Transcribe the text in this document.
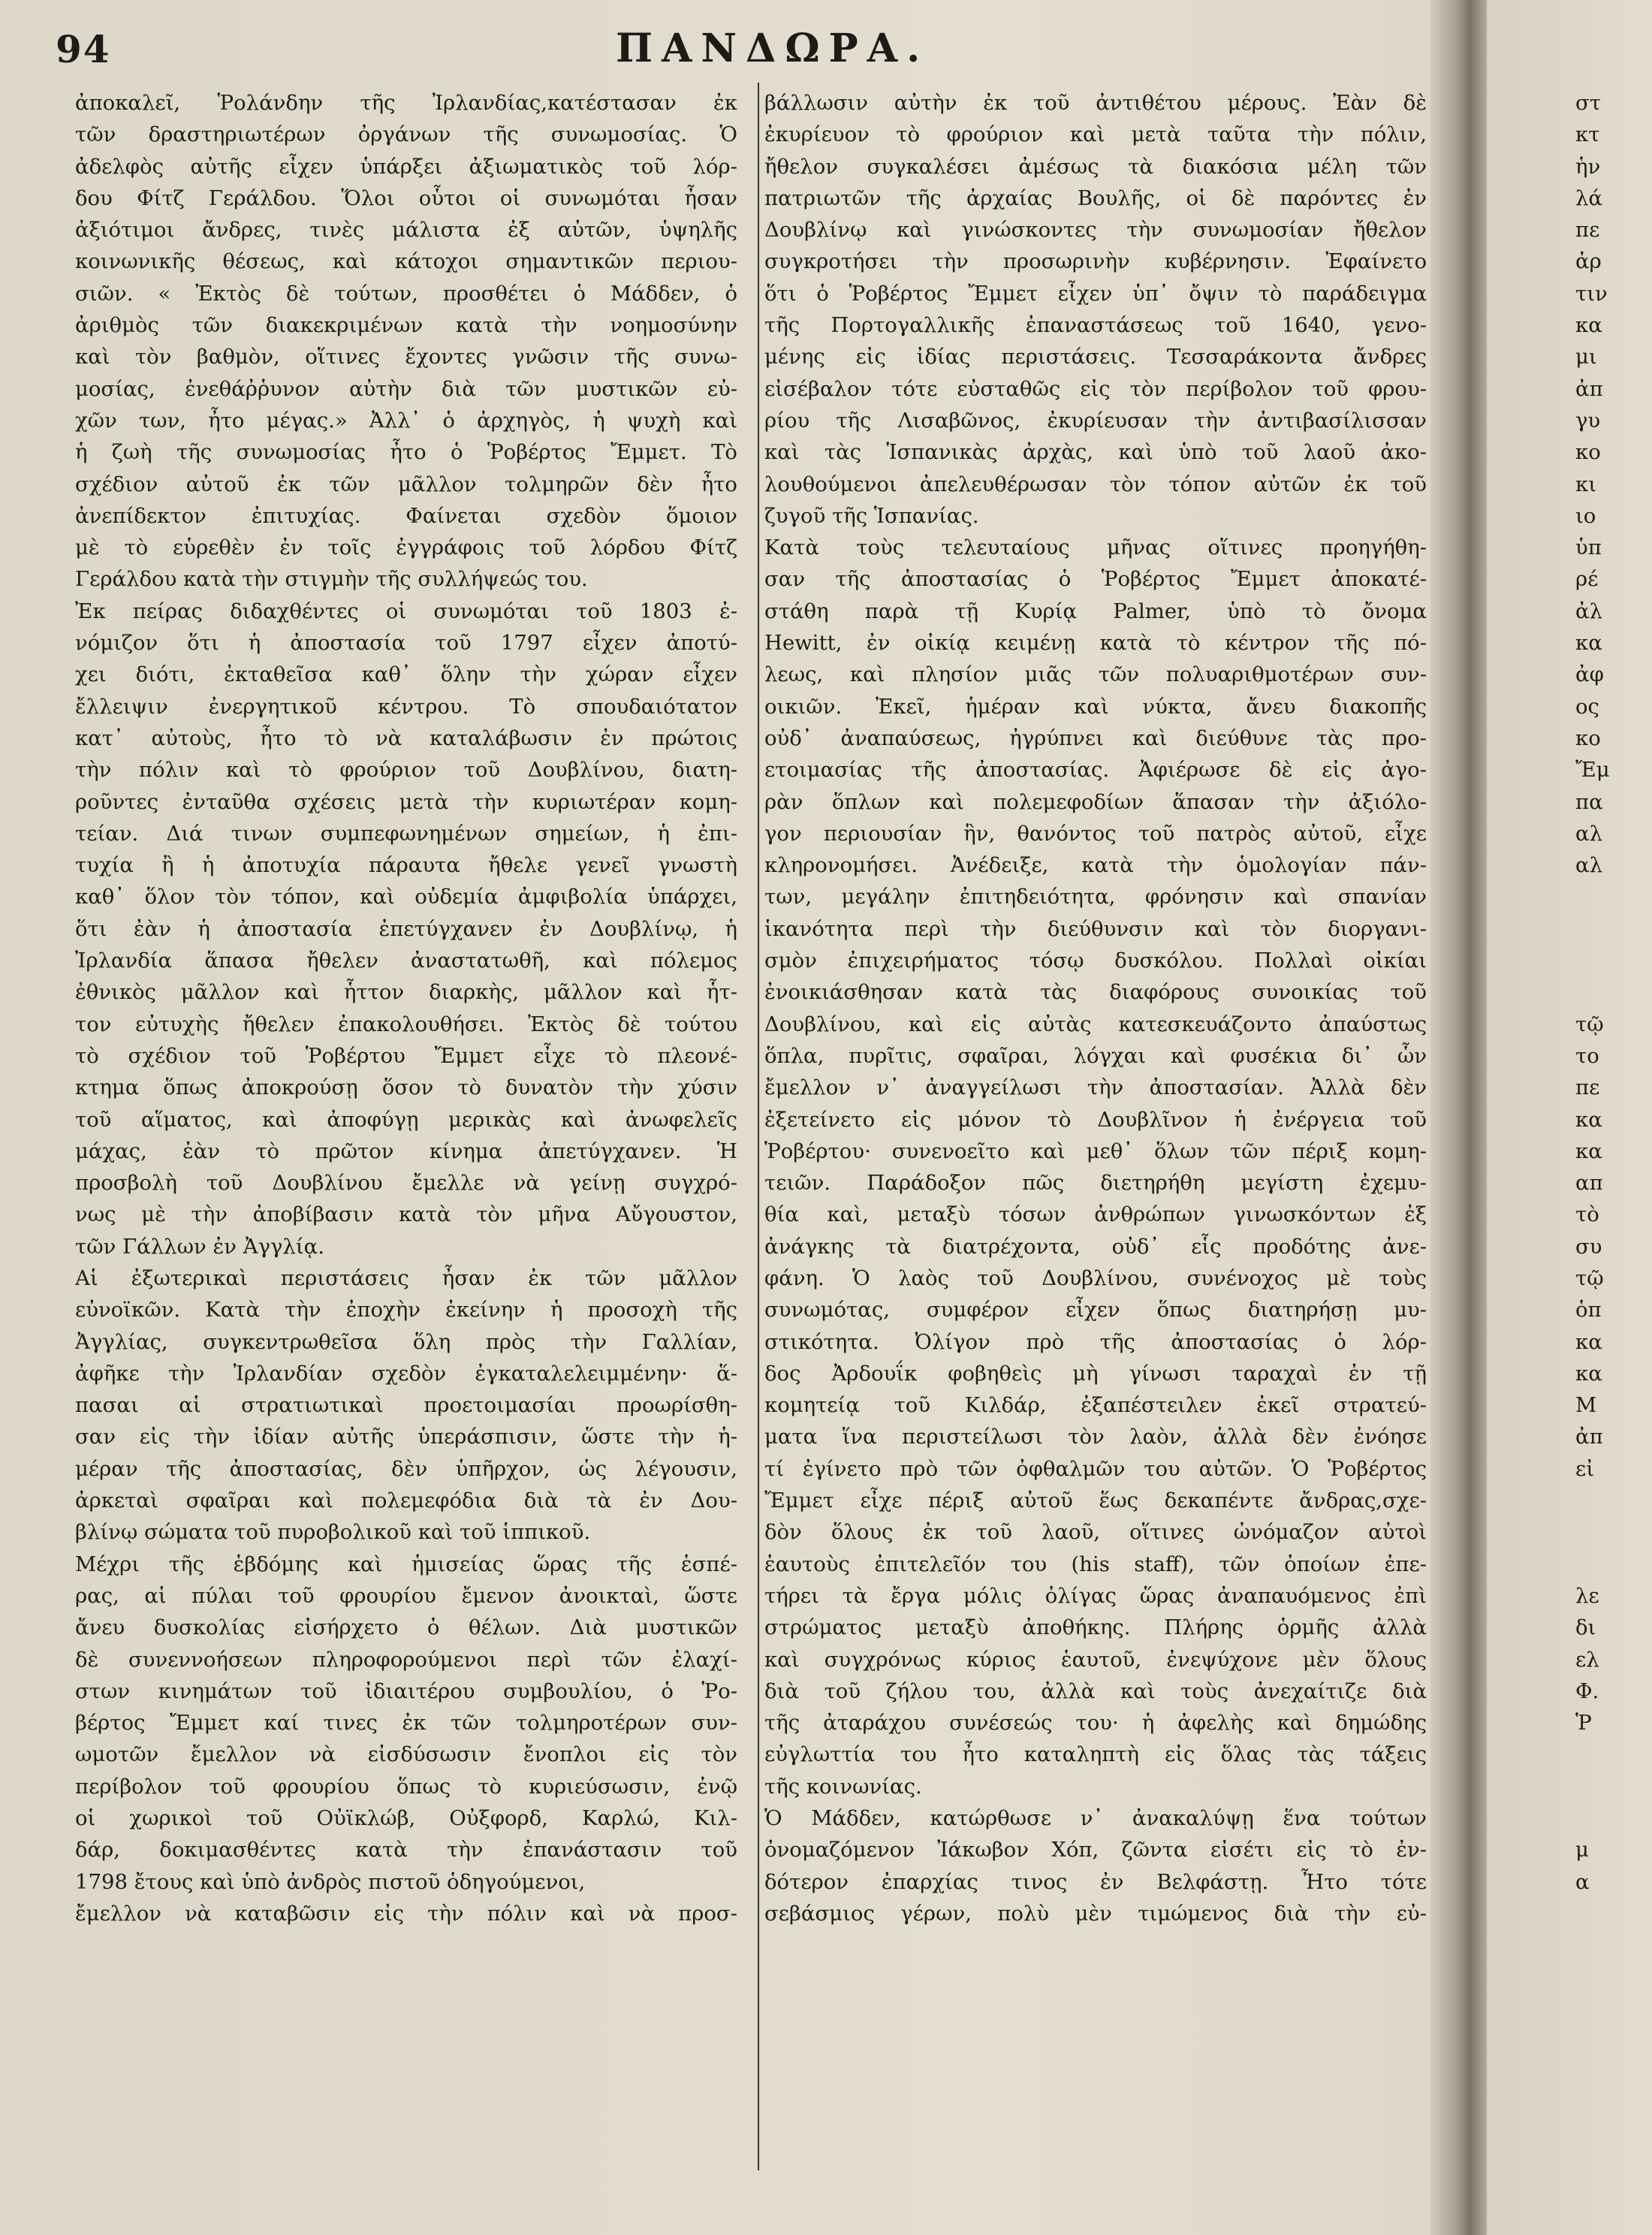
94	ΠΑΝΔΩΡΑ.
ἀποκαλεῖ, Ῥολάνδην τῆς Ἰρλανδίας,κατέστασαν ἐκ
τῶν δραστηριωτέρων ὀργάνων τῆς συνωμοσίας. Ὁ
ἀδελφὸς αὐτῆς εἶχεν ὑπάρξει ἀξιωματικὸς τοῦ λόρ-
δου Φίτζ Γεράλδου. Ὅλοι οὗτοι οἱ συνωμόται ἦσαν
ἀξιότιμοι ἄνδρες, τινὲς μάλιστα ἐξ αὐτῶν, ὑψηλῆς
κοινωνικῆς θέσεως, καὶ κάτοχοι σημαντικῶν περιου-
σιῶν. « Ἐκτὸς δὲ τούτων, προσθέτει ὁ Μάδδεν, ὁ
ἀριθμὸς τῶν διακεκριμένων κατὰ τὴν νοημοσύνην
καὶ τὸν βαθμὸν, οἵτινες ἔχοντες γνῶσιν τῆς συνω-
μοσίας, ἐνεθάῤῥυνον αὐτὴν διὰ τῶν μυστικῶν εὐ-
χῶν των, ἦτο μέγας.» Ἀλλ᾽ ὁ ἀρχηγὸς, ἡ ψυχὴ καὶ
ἡ ζωὴ τῆς συνωμοσίας ἦτο ὁ Ῥοβέρτος Ἔμμετ. Τὸ
σχέδιον αὐτοῦ ἐκ τῶν μᾶλλον τολμηρῶν δὲν ἦτο
ἀνεπίδεκτον ἐπιτυχίας. Φαίνεται σχεδὸν ὅμοιον
μὲ τὸ εὑρεθὲν ἐν τοῖς ἐγγράφοις τοῦ λόρδου Φίτζ
Γεράλδου κατὰ τὴν στιγμὴν τῆς συλλήψεώς του.
Ἐκ πείρας διδαχθέντες οἱ συνωμόται τοῦ 1803 ἐ-
νόμιζον ὅτι ἡ ἀποστασία τοῦ 1797 εἶχεν ἀποτύ-
χει διότι, ἐκταθεῖσα καθ᾽ ὅλην τὴν χώραν εἶχεν
ἔλλειψιν ἐνεργητικοῦ κέντρου. Τὸ σπουδαιότατον
κατ᾽ αὐτοὺς, ἦτο τὸ νὰ καταλάβωσιν ἐν πρώτοις
τὴν πόλιν καὶ τὸ φρούριον τοῦ Δουβλίνου, διατη-
ροῦντες ἐνταῦθα σχέσεις μετὰ τὴν κυριωτέραν κομη-
τείαν. Διά τινων συμπεφωνημένων σημείων, ἡ ἐπι-
τυχία ἢ ἡ ἀποτυχία πάραυτα ἤθελε γενεῖ γνωστὴ
καθ᾽ ὅλον τὸν τόπον, καὶ οὐδεμία ἀμφιβολία ὑπάρχει,
ὅτι ἐὰν ἡ ἀποστασία ἐπετύγχανεν ἐν Δουβλίνῳ, ἡ
Ἰρλανδία ἅπασα ἤθελεν ἀναστατωθῆ, καὶ πόλεμος
ἐθνικὸς μᾶλλον καὶ ἧττον διαρκὴς, μᾶλλον καὶ ἧτ-
τον εὐτυχὴς ἤθελεν ἐπακολουθήσει. Ἐκτὸς δὲ τούτου
τὸ σχέδιον τοῦ Ῥοβέρτου Ἔμμετ εἶχε τὸ πλεονέ-
κτημα ὅπως ἀποκρούσῃ ὅσον τὸ δυνατὸν τὴν χύσιν
τοῦ αἵματος, καὶ ἀποφύγῃ μερικὰς καὶ ἀνωφελεῖς
μάχας, ἐὰν τὸ πρῶτον κίνημα ἀπετύγχανεν. Ἡ
προσβολὴ τοῦ Δουβλίνου ἔμελλε νὰ γείνῃ συγχρό-
νως μὲ τὴν ἀποβίβασιν κατὰ τὸν μῆνα Αὔγουστον,
τῶν Γάλλων ἐν Ἀγγλίᾳ.
Αἱ ἐξωτερικαὶ περιστάσεις ἦσαν ἐκ τῶν μᾶλλον
εὐνοϊκῶν. Κατὰ τὴν ἐποχὴν ἐκείνην ἡ προσοχὴ τῆς
Ἀγγλίας, συγκεντρωθεῖσα ὅλη πρὸς τὴν Γαλλίαν,
ἀφῆκε τὴν Ἰρλανδίαν σχεδὸν ἐγκαταλελειμμένην· ἅ-
πασαι αἱ στρατιωτικαὶ προετοιμασίαι προωρίσθη-
σαν εἰς τὴν ἰδίαν αὐτῆς ὑπεράσπισιν, ὥστε τὴν ἡ-
μέραν τῆς ἀποστασίας, δὲν ὑπῆρχον, ὡς λέγουσιν,
ἀρκεταὶ σφαῖραι καὶ πολεμεφόδια διὰ τὰ ἐν Δου-
βλίνῳ σώματα τοῦ πυροβολικοῦ καὶ τοῦ ἱππικοῦ.
Μέχρι τῆς ἑβδόμης καὶ ἡμισείας ὥρας τῆς ἑσπέ-
ρας, αἱ πύλαι τοῦ φρουρίου ἔμενον ἀνοικταὶ, ὥστε
ἄνευ δυσκολίας εἰσήρχετο ὁ θέλων. Διὰ μυστικῶν
δὲ συνεννοήσεων πληροφορούμενοι περὶ τῶν ἐλαχί-
στων κινημάτων τοῦ ἰδιαιτέρου συμβουλίου, ὁ Ῥο-
βέρτος Ἔμμετ καί τινες ἐκ τῶν τολμηροτέρων συν-
ωμοτῶν ἔμελλον νὰ εἰσδύσωσιν ἔνοπλοι εἰς τὸν
περίβολον τοῦ φρουρίου ὅπως τὸ κυριεύσωσιν, ἐνῷ
οἱ χωρικοὶ τοῦ Οὐϊκλώβ, Οὐξφορδ, Καρλώ, Κιλ-
δάρ, δοκιμασθέντες κατὰ τὴν ἐπανάστασιν τοῦ
1798 ἔτους καὶ ὑπὸ ἀνδρὸς πιστοῦ ὁδηγούμενοι,
ἔμελλον νὰ καταβῶσιν εἰς τὴν πόλιν καὶ νὰ προσ-
βάλλωσιν αὐτὴν ἐκ τοῦ ἀντιθέτου μέρους. Ἐὰν δὲ
ἐκυρίευον τὸ φρούριον καὶ μετὰ ταῦτα τὴν πόλιν,
ἤθελον συγκαλέσει ἀμέσως τὰ διακόσια μέλη τῶν
πατριωτῶν τῆς ἀρχαίας Βουλῆς, οἱ δὲ παρόντες ἐν
Δουβλίνῳ καὶ γινώσκοντες τὴν συνωμοσίαν ἤθελον
συγκροτήσει τὴν προσωρινὴν κυβέρνησιν. Ἐφαίνετο
ὅτι ὁ Ῥοβέρτος Ἔμμετ εἶχεν ὑπ᾽ ὄψιν τὸ παράδειγμα
τῆς Πορτογαλλικῆς ἐπαναστάσεως τοῦ 1640, γενο-
μένης εἰς ἰδίας περιστάσεις. Τεσσαράκοντα ἄνδρες
εἰσέβαλον τότε εὐσταθῶς εἰς τὸν περίβολον τοῦ φρου-
ρίου τῆς Λισαβῶνος, ἐκυρίευσαν τὴν ἀντιβασίλισσαν
καὶ τὰς Ἱσπανικὰς ἀρχὰς, καὶ ὑπὸ τοῦ λαοῦ ἀκο-
λουθούμενοι ἀπελευθέρωσαν τὸν τόπον αὐτῶν ἐκ τοῦ
ζυγοῦ τῆς Ἱσπανίας.
Κατὰ τοὺς τελευταίους μῆνας οἵτινες προηγήθη-
σαν τῆς ἀποστασίας ὁ Ῥοβέρτος Ἔμμετ ἀποκατέ-
στάθη παρὰ τῇ Κυρίᾳ Palmer, ὑπὸ τὸ ὄνομα
Hewitt, ἐν οἰκίᾳ κειμένῃ κατὰ τὸ κέντρον τῆς πό-
λεως, καὶ πλησίον μιᾶς τῶν πολυαριθμοτέρων συν-
οικιῶν. Ἐκεῖ, ἡμέραν καὶ νύκτα, ἄνευ διακοπῆς
οὐδ᾽ ἀναπαύσεως, ἠγρύπνει καὶ διεύθυνε τὰς προ-
ετοιμασίας τῆς ἀποστασίας. Ἀφιέρωσε δὲ εἰς ἀγο-
ρὰν ὅπλων καὶ πολεμεφοδίων ἅπασαν τὴν ἀξιόλο-
γον περιουσίαν ἣν, θανόντος τοῦ πατρὸς αὐτοῦ, εἶχε
κληρονομήσει. Ἀνέδειξε, κατὰ τὴν ὁμολογίαν πάν-
των, μεγάλην ἐπιτηδειότητα, φρόνησιν καὶ σπανίαν
ἱκανότητα περὶ τὴν διεύθυνσιν καὶ τὸν διοργανι-
σμὸν ἐπιχειρήματος τόσῳ δυσκόλου. Πολλαὶ οἰκίαι
ἐνοικιάσθησαν κατὰ τὰς διαφόρους συνοικίας τοῦ
Δουβλίνου, καὶ εἰς αὐτὰς κατεσκευάζοντο ἀπαύστως
ὅπλα, πυρῖτις, σφαῖραι, λόγχαι καὶ φυσέκια δι᾽ ὧν
ἔμελλον ν᾽ ἀναγγείλωσι τὴν ἀποστασίαν. Ἀλλὰ δὲν
ἐξετείνετο εἰς μόνον τὸ Δουβλῖνον ἡ ἐνέργεια τοῦ
Ῥοβέρτου· συνενοεῖτο καὶ μεθ᾽ ὅλων τῶν πέριξ κομη-
τειῶν. Παράδοξον πῶς διετηρήθη μεγίστη ἐχεμυ-
θία καὶ, μεταξὺ τόσων ἀνθρώπων γινωσκόντων ἐξ
ἀνάγκης τὰ διατρέχοντα, οὐδ᾽ εἷς προδότης ἀνε-
φάνη. Ὁ λαὸς τοῦ Δουβλίνου, συνένοχος μὲ τοὺς
συνωμότας, συμφέρον εἶχεν ὅπως διατηρήσῃ μυ-
στικότητα. Ὀλίγον πρὸ τῆς ἀποστασίας ὁ λόρ-
δος Ἀρδουΐκ φοβηθεὶς μὴ γίνωσι ταραχαὶ ἐν τῇ
κομητείᾳ τοῦ Κιλδάρ, ἐξαπέστειλεν ἐκεῖ στρατεύ-
ματα ἵνα περιστείλωσι τὸν λαὸν, ἀλλὰ δὲν ἐνόησε
τί ἐγίνετο πρὸ τῶν ὀφθαλμῶν του αὐτῶν. Ὁ Ῥοβέρτος
Ἔμμετ εἶχε πέριξ αὐτοῦ ἕως δεκαπέντε ἄνδρας,σχε-
δὸν ὅλους ἐκ τοῦ λαοῦ, οἵτινες ὠνόμαζον αὐτοὶ
ἑαυτοὺς ἐπιτελεῖόν του (his staff), τῶν ὁποίων ἐπε-
τήρει τὰ ἔργα μόλις ὀλίγας ὥρας ἀναπαυόμενος ἐπὶ
στρώματος μεταξὺ ἀποθήκης. Πλήρης ὁρμῆς ἀλλὰ
καὶ συγχρόνως κύριος ἑαυτοῦ, ἐνεψύχονε μὲν ὅλους
διὰ τοῦ ζήλου του, ἀλλὰ καὶ τοὺς ἀνεχαίτιζε διὰ
τῆς ἀταράχου συνέσεώς του· ἡ ἀφελὴς καὶ δημώδης
εὐγλωττία του ἦτο καταληπτὴ εἰς ὅλας τὰς τάξεις
τῆς κοινωνίας.
Ὁ Μάδδεν, κατώρθωσε ν᾽ ἀνακαλύψῃ ἕνα τούτων
ὀνομαζόμενον Ἰάκωβον Χόπ, ζῶντα εἰσέτι εἰς τὸ ἐν-
δότερον ἐπαρχίας τινος ἐν Βελφάστῃ. Ἦτο τότε
σεβάσμιος γέρων, πολὺ μὲν τιμώμενος διὰ τὴν εὐ-
στ
κτ
ἡν
λά
πε
ἀρ
τιν
κα
μι
ἀπ
γυ
κο
κι
ιο
ὑπ
ρέ
ἀλ
κα
ἀφ
ος
κο
Ἔμ
πα
αλ
αλ
τῷ
το
πε
κα
κα
απ
τὸ
συ
τῷ
ὁπ
κα
κα
Μ
ἀπ
εἰ
λε
δι
ελ
Φ.
Ῥ
μ
α
